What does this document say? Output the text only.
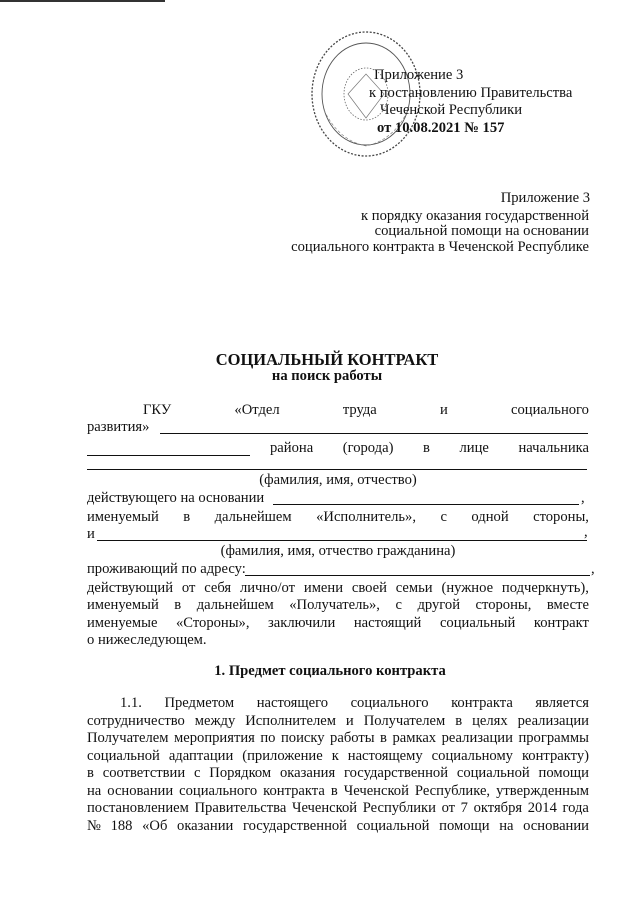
Приложение 3
к постановлению Правительства
Чеченской Республики
от 10.08.2021 № 157
Приложение 3
к порядку оказания государственной
социальной помощи на основании
социального контракта в Чеченской Республике
СОЦИАЛЬНЫЙ КОНТРАКТ
на поиск работы
ГКУ	«Отдел	труда	и	социального
развития»
района (города) в лице начальника
(фамилия, имя, отчество)
действующего на основании	,
именуемый в дальнейшем «Исполнитель», с одной стороны,
и	,
(фамилия, имя, отчество гражданина)
проживающий по адресу:	,
действующий от себя лично/от имени своей семьи (нужное подчеркнуть),
именуемый в дальнейшем «Получатель», с другой стороны, вместе
именуемые «Стороны», заключили настоящий социальный контракт
о нижеследующем.
1. Предмет социального контракта
1.1. Предметом настоящего социального контракта является
сотрудничество между Исполнителем и Получателем в целях реализации
Получателем мероприятия по поиску работы в рамках реализации программы
социальной адаптации (приложение к настоящему социальному контракту)
в соответствии с Порядком оказания государственной социальной помощи
на основании социального контракта в Чеченской Республике, утвержденным
постановлением Правительства Чеченской Республики от 7 октября 2014 года
№ 188 «Об оказании государственной социальной помощи на основании
